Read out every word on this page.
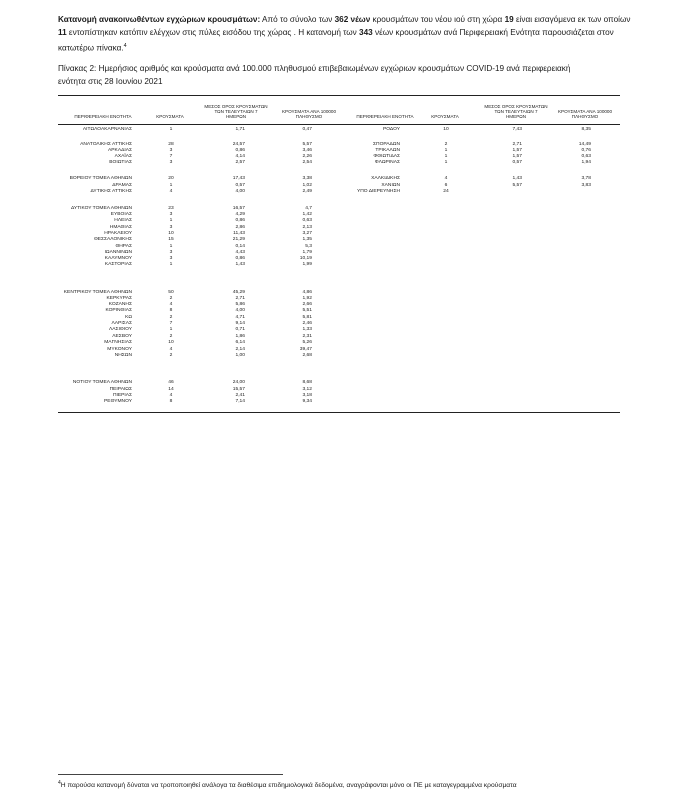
Κατανομή ανακοινωθέντων εγχώριων κρουσμάτων: Από το σύνολο των 362 νέων κρουσμάτων του νέου ιού στη χώρα 19 είναι εισαγόμενα εκ των οποίων 11 εντοπίστηκαν κατόπιν ελέγχων στις πύλες εισόδου της χώρας . Η κατανομή των 343 νέων κρουσμάτων ανά Περιφερειακή Ενότητα παρουσιάζεται στον κατωτέρω πίνακα.$^4$
Πίνακας 2: Ημερήσιος αριθμός και κρούσματα ανά 100.000 πληθυσμού επιβεβαιωμένων εγχώριων κρουσμάτων COVID-19 ανά περιφερειακή
ενότητα στις 28 Ιουνίου 2021
ΠΕΡΙΦΕΡΕΙΑΚΗ ΕΝΟΤΗΤΑ	ΚΡΟΥΣΜΑΤΑ
ΜΕΣΟΣ ΟΡΟΣ ΚΡΟΥΣΜΑΤΩΝ
ΤΩΝ ΤΕΛΕΥΤΑΙΩΝ 7
ΗΜΕΡΩΝ
ΚΡΟΥΣΜΑΤΑ ΑΝΑ 100000
ΠΛΗΘΥΣΜΟ	ΠΕΡΙΦΕΡΕΙΑΚΗ ΕΝΟΤΗΤΑ	ΚΡΟΥΣΜΑΤΑ
ΜΕΣΟΣ ΟΡΟΣ ΚΡΟΥΣΜΑΤΩΝ
ΤΩΝ ΤΕΛΕΥΤΑΙΩΝ 7
ΗΜΕΡΩΝ
ΚΡΟΥΣΜΑΤΑ ΑΝΑ 100000
ΠΛΗΘΥΣΜΟ
ΑΙΤΩΛΟΑΚΑΡΝΑΝΙΑΣ	1	1,71	0,47
ΑΝΑΤΟΛΙΚΗΣ ΑΤΤΙΚΗΣ	28	24,57	5,57
ΑΡΚΑΔΙΑΣ	3	0,86	3,46
ΑΧΑΪΑΣ	7	4,14	2,26
ΒΟΙΩΤΙΑΣ	3	2,57	2,54
ΒΟΡΕΙΟΥ ΤΟΜΕΑ ΑΘΗΝΩΝ	20	17,43	3,38
ΔΡΑΜΑΣ	1	0,57	1,02
ΔΥΤΙΚΗΣ ΑΤΤΙΚΗΣ	4	4,00	2,49
ΔΥΤΙΚΟΥ ΤΟΜΕΑ ΑΘΗΝΩΝ	23	16,57	4,7
ΕΥΒΟΙΑΣ	3	4,29	1,42
ΗΛΕΙΑΣ	1	0,86	0,63
ΗΜΑΘΙΑΣ	3	2,86	2,13
ΗΡΑΚΛΕΙΟΥ	10	11,43	3,27
ΘΕΣΣΑΛΟΝΙΚΗΣ	15	21,29	1,35
ΘΗΡΑΣ	1	0,14	5,3
ΙΩΑΝΝΙΝΩΝ	3	4,43	1,79
ΚΑΛΥΜΝΟΥ	3	0,86	10,19
ΚΑΣΤΟΡΙΑΣ	1	1,43	1,99
ΚΕΝΤΡΙΚΟΥ ΤΟΜΕΑ ΑΘΗΝΩΝ	50	45,29	4,86
ΚΕΡΚΥΡΑΣ	2	2,71	1,92
ΚΟΖΑΝΗΣ	4	5,86	2,66
ΚΟΡΙΝΘΙΑΣ	8	4,00	5,51
ΚΩ	2	4,71	5,81
ΛΑΡΙΣΑΣ	7	9,14	2,46
ΛΑΣΙΘΙΟΥ	1	0,71	1,33
ΛΕΣΒΟΥ	2	1,86	2,31
ΜΑΓΝΗΣΙΑΣ	10	6,14	5,26
ΜΥΚΟΝΟΥ	4	2,14	39,47
ΝΗΣΩΝ	2	1,00	2,68
ΝΟΤΙΟΥ ΤΟΜΕΑ ΑΘΗΝΩΝ	46	24,00	8,68
ΠΕΙΡΑΙΩΣ	14	15,57	3,12
ΠΙΕΡΙΑΣ	4	2,41	3,18
ΡΕΘΥΜΝΟΥ	8	7,14	9,34
ΡΟΔΟΥ	10	7,43	8,35
ΣΠΟΡΑΔΩΝ	2	2,71	14,49
ΤΡΙΚΑΛΩΝ	1	1,57	0,76
ΦΘΙΩΤΙΔΑΣ	1	1,57	0,63
ΦΛΩΡΙΝΑΣ	1	0,57	1,94
ΧΑΛΚΙΔΙΚΗΣ	4	1,43	3,78
ΧΑΝΙΩΝ	6	5,57	3,83
ΥΠΟ ΔΙΕΡΕΥΝΗΣΗ	24
$^4$Η παρούσα κατανομή δύναται να τροποποιηθεί ανάλογα τα διαθέσιμα επιδημιολογικά δεδομένα, αναγράφονται μόνο οι ΠΕ με καταγεγραμμένα κρούσματα
